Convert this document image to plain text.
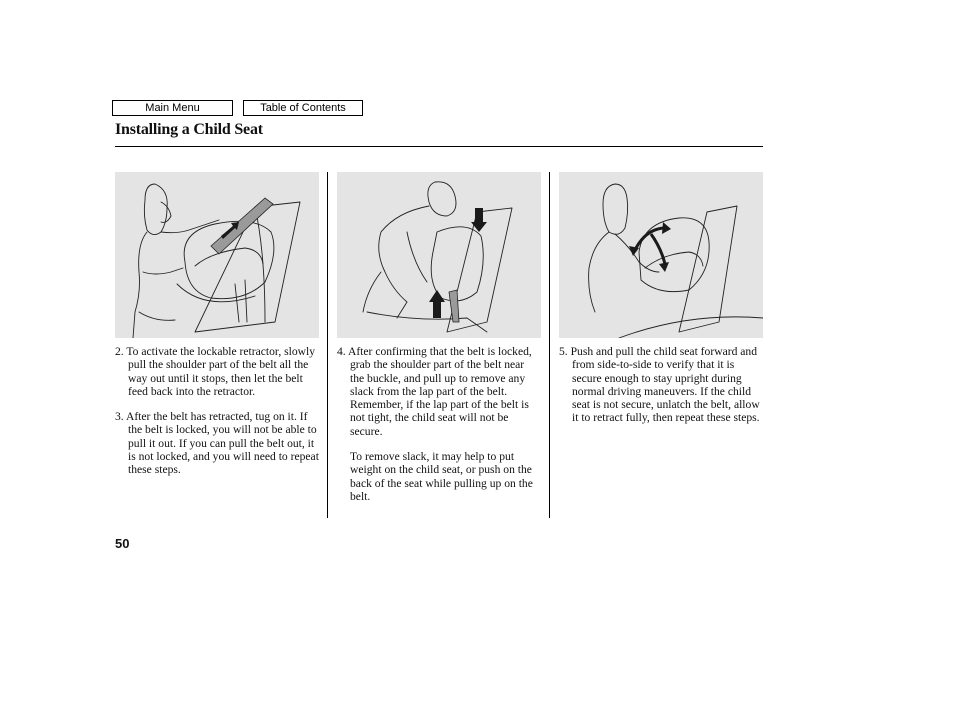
Main Menu	Table of Contents
Installing a Child Seat

2. To activate the lockable retractor, slowly pull the shoulder part of the belt all the way out until it stops, then let the belt feed back into the retractor.

3. After the belt has retracted, tug on it. If the belt is locked, you will not be able to pull it out. If you can pull the belt out, it is not locked, and you will need to repeat these steps.

4. After confirming that the belt is locked, grab the shoulder part of the belt near the buckle, and pull up to remove any slack from the lap part of the belt. Remember, if the lap part of the belt is not tight, the child seat will not be secure.

To remove slack, it may help to put weight on the child seat, or push on the back of the seat while pulling up on the belt.

5. Push and pull the child seat forward and from side-to-side to verify that it is secure enough to stay upright during normal driving maneuvers. If the child seat is not secure, unlatch the belt, allow it to retract fully, then repeat these steps.

50
